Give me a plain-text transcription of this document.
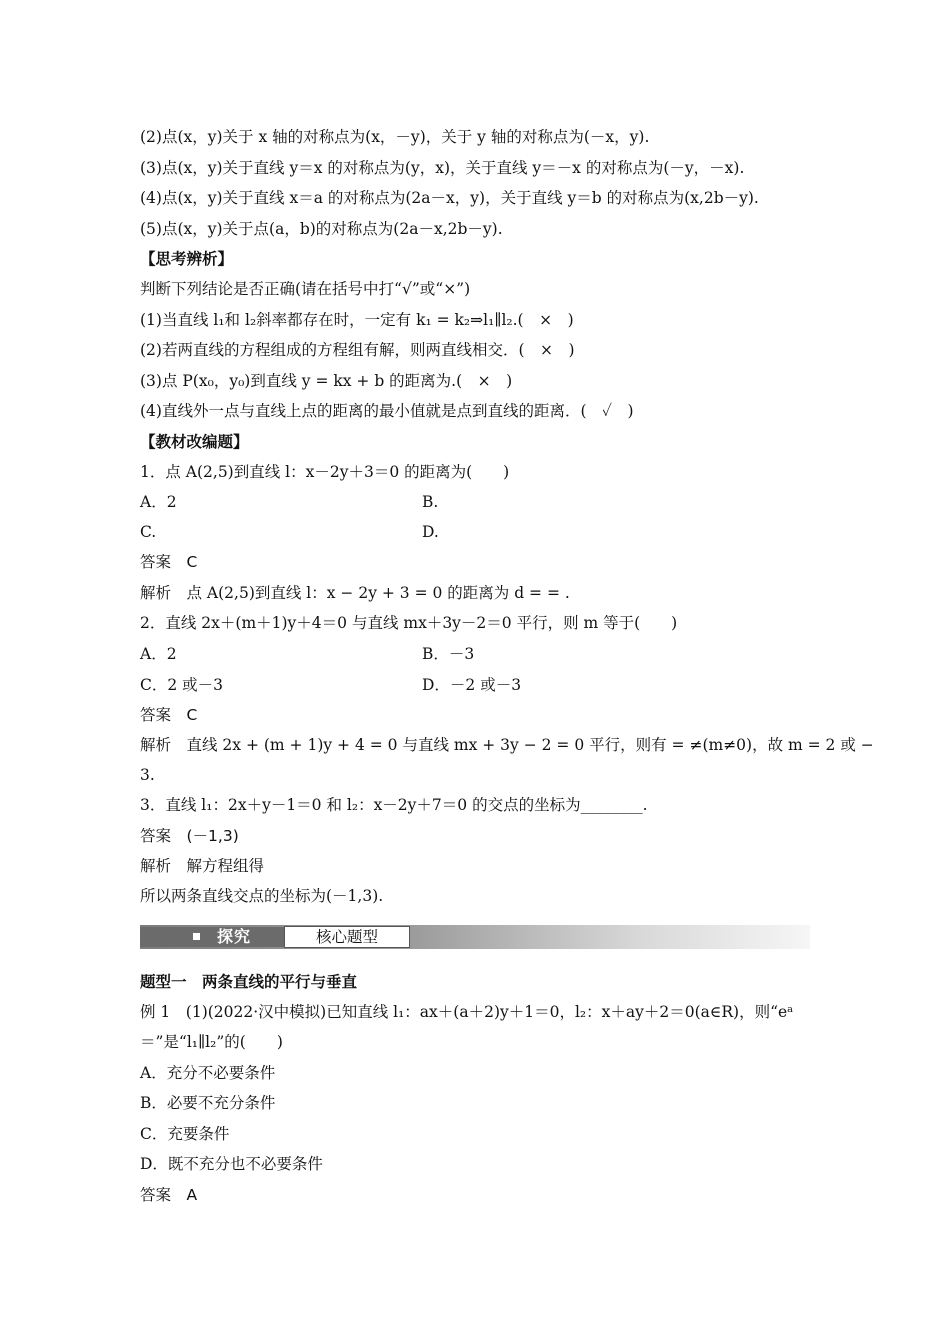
(2)点(x，y)关于 x 轴的对称点为(x，－y)，关于 y 轴的对称点为(－x，y).
(3)点(x，y)关于直线 y＝x 的对称点为(y，x)，关于直线 y＝－x 的对称点为(－y，－x).
(4)点(x，y)关于直线 x＝a 的对称点为(2a－x，y)，关于直线 y＝b 的对称点为(x,2b－y).
(5)点(x，y)关于点(a，b)的对称点为(2a－x,2b－y).
【思考辨析】
判断下列结论是否正确(请在括号中打“√”或“×”)
(1)当直线 l₁和 l₂斜率都存在时，一定有 k₁ = k₂⇒l₁∥l₂.(　×　)
(2)若两直线的方程组成的方程组有解，则两直线相交．(　×　)
(3)点 P(x₀，y₀)到直线 y = kx + b 的距离为.(　×　)
(4)直线外一点与直线上点的距离的最小值就是点到直线的距离．(　✓　)
【教材改编题】
1．点 A(2,5)到直线 l：x－2y＋3＝0 的距离为(　　)
A．2	B.
C.	D.
答案　C
解析　点 A(2,5)到直线 l：x − 2y + 3 = 0 的距离为 d = = .
2．直线 2x＋(m＋1)y＋4＝0 与直线 mx＋3y－2＝0 平行，则 m 等于(　　)
A．2	B．－3
C．2 或－3	D．－2 或－3
答案　C
解析　直线 2x + (m + 1)y + 4 = 0 与直线 mx + 3y − 2 = 0 平行，则有 = ≠(m≠0)，故 m = 2 或 −
3.
3．直线 l₁：2x＋y－1＝0 和 l₂：x－2y＋7＝0 的交点的坐标为________.
答案　(－1,3)
解析　解方程组得
所以两条直线交点的坐标为(－1,3).
探究	核心题型
题型一　两条直线的平行与垂直
例 1　(1)(2022·汉中模拟)已知直线 l₁：ax＋(a＋2)y＋1＝0，l₂：x＋ay＋2＝0(a∈R)，则“eᵃ
＝”是“l₁∥l₂”的(　　)
A．充分不必要条件
B．必要不充分条件
C．充要条件
D．既不充分也不必要条件
答案　A
